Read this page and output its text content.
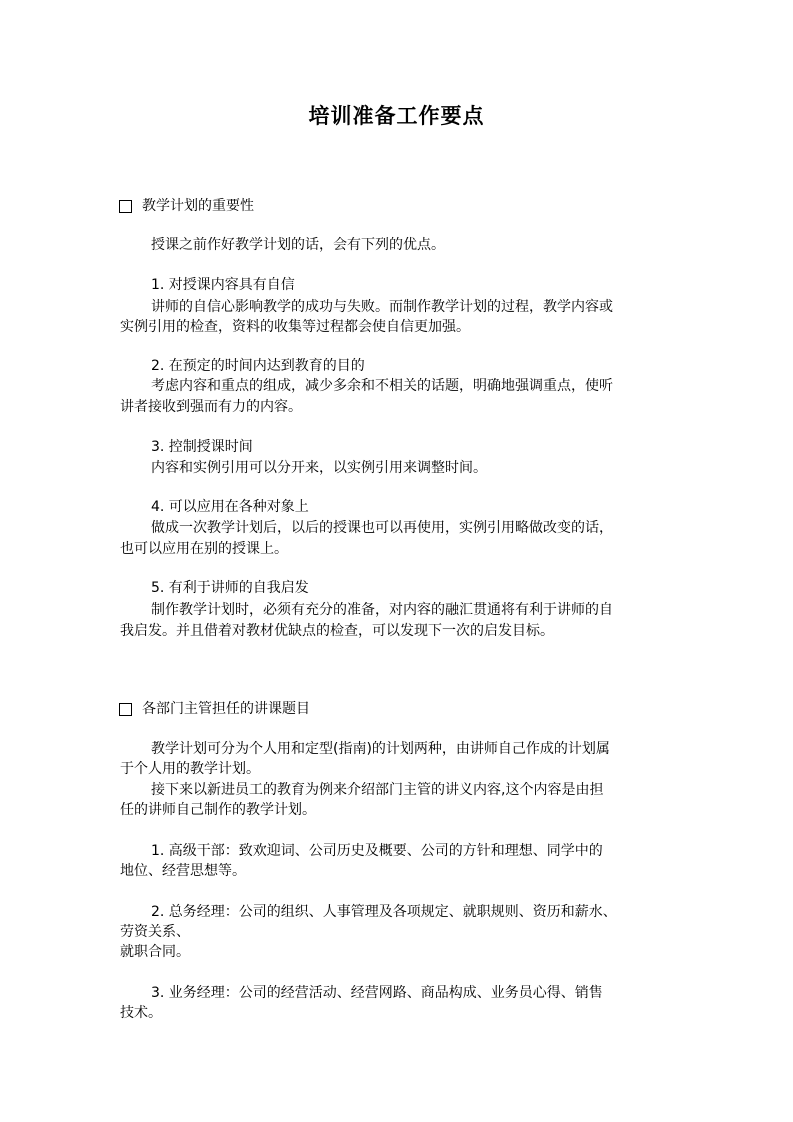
培训准备工作要点
教学计划的重要性
授课之前作好教学计划的话，会有下列的优点。
1. 对授课内容具有自信
讲师的自信心影响教学的成功与失败。而制作教学计划的过程，教学内容或
实例引用的检查，资料的收集等过程都会使自信更加强。
2. 在预定的时间内达到教育的目的
考虑内容和重点的组成，减少多余和不相关的话题，明确地强调重点，使听
讲者接收到强而有力的内容。
3. 控制授课时间
内容和实例引用可以分开来，以实例引用来调整时间。
4. 可以应用在各种对象上
做成一次教学计划后，以后的授课也可以再使用，实例引用略做改变的话，
也可以应用在别的授课上。
5. 有利于讲师的自我启发
制作教学计划时，必须有充分的准备，对内容的融汇贯通将有利于讲师的自
我启发。并且借着对教材优缺点的检查，可以发现下一次的启发目标。
各部门主管担任的讲课题目
教学计划可分为个人用和定型(指南)的计划两种，由讲师自己作成的计划属
于个人用的教学计划。
接下来以新进员工的教育为例来介绍部门主管的讲义内容,这个内容是由担
任的讲师自己制作的教学计划。
1. 高级干部：致欢迎词、公司历史及概要、公司的方针和理想、同学中的
地位、经营思想等。
2. 总务经理：公司的组织、人事管理及各项规定、就职规则、资历和薪水、
劳资关系、
就职合同。
3. 业务经理：公司的经营活动、经营网路、商品构成、业务员心得、销售
技术。
